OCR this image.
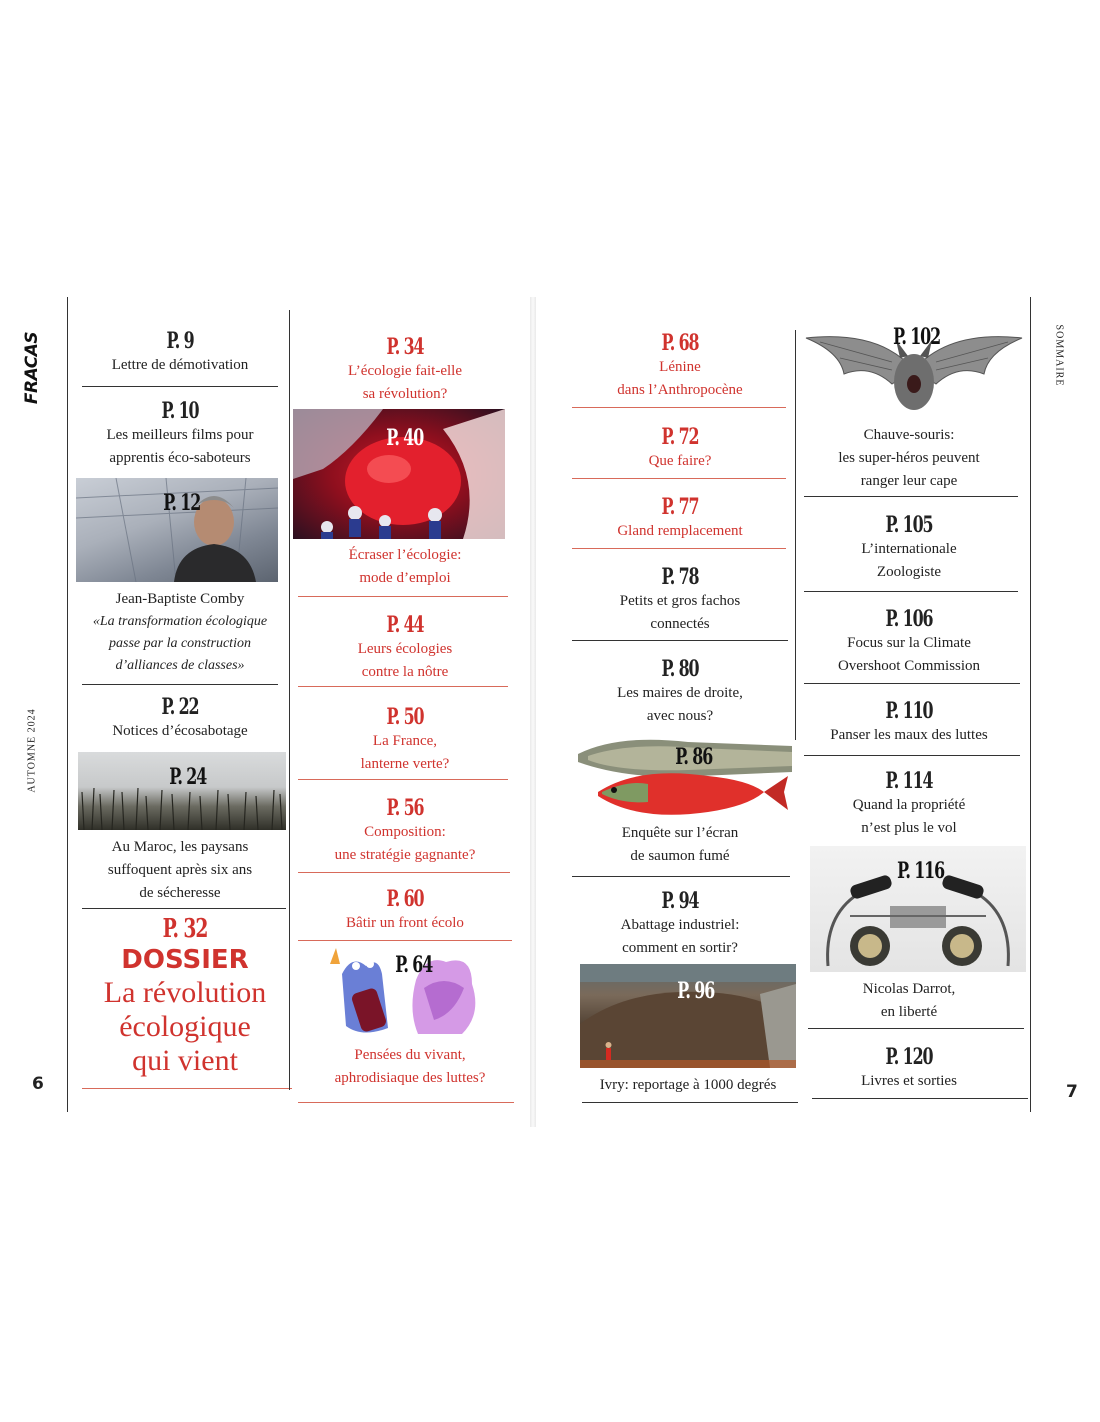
FRACAS
AUTOMNE 2024
SOMMAIRE
6	7
P. 9
Lettre de démotivation
P. 10
Les meilleurs films pour
apprentis éco-saboteurs
P. 12
Jean-Baptiste Comby
«La transformation écologique
passe par la construction
d’alliances de classes»
P. 22
Notices d’écosabotage
P. 24
Au Maroc, les paysans
suffoquent après six ans
de sécheresse
P. 32
DOSSIER
La révolution
écologique
qui vient
P. 34
L’écologie fait-elle
sa révolution?
P. 40
Écraser l’écologie:
mode d’emploi
P. 44
Leurs écologies
contre la nôtre
P. 50
La France,
lanterne verte?
P. 56
Composition:
une stratégie gagnante?
P. 60
Bâtir un front écolo
P. 64
Pensées du vivant,
aphrodisiaque des luttes?
P. 68
Lénine
dans l’Anthropocène
P. 72
Que faire?
P. 77
Gland remplacement
P. 78
Petits et gros fachos
connectés
P. 80
Les maires de droite,
avec nous?
P. 86
Enquête sur l’écran
de saumon fumé
P. 94
Abattage industriel:
comment en sortir?
P. 96
Ivry: reportage à 1000 degrés
P. 102
Chauve-souris:
les super-héros peuvent
ranger leur cape
P. 105
L’internationale
Zoologiste
P. 106
Focus sur la Climate
Overshoot Commission
P. 110
Panser les maux des luttes
P. 114
Quand la propriété
n’est plus le vol
P. 116
Nicolas Darrot,
en liberté
P. 120
Livres et sorties
